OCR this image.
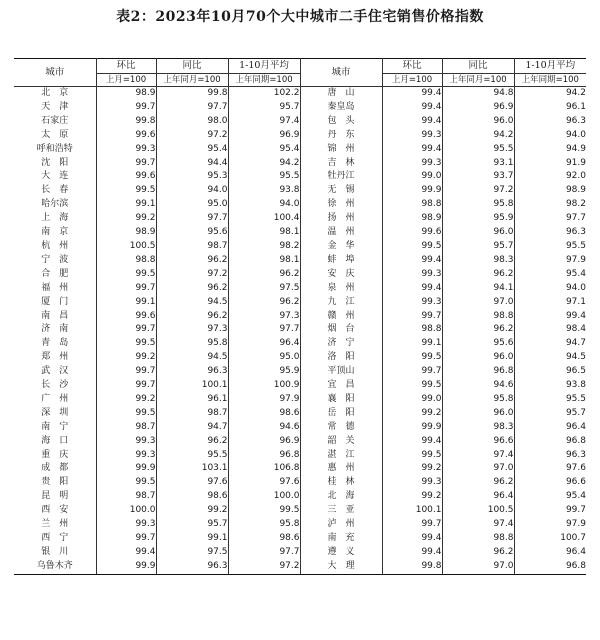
表2：2023年10月70个大中城市二手住宅销售价格指数
城市	环比	同比	1-10月平均	城市	环比	同比	1-10月平均
	上月=100	上年同月=100	上年同期=100		上月=100	上年同月=100	上年同期=100
北　京	98.9	99.8	102.2	唐　山	99.4	94.8	94.2
天　津	99.7	97.7	95.7	秦皇岛	99.4	96.9	96.1
石家庄	99.8	98.0	97.4	包　头	99.4	96.0	96.3
太　原	99.6	97.2	96.9	丹　东	99.3	94.2	94.0
呼和浩特	99.3	95.4	95.4	锦　州	99.4	95.5	94.9
沈　阳	99.7	94.4	94.2	吉　林	99.3	93.1	91.9
大　连	99.6	95.3	95.5	牡丹江	99.0	93.7	92.0
长　春	99.5	94.0	93.8	无　锡	99.9	97.2	98.9
哈尔滨	99.1	95.0	94.0	徐　州	98.8	95.8	98.2
上　海	99.2	97.7	100.4	扬　州	98.9	95.9	97.7
南　京	98.9	95.6	98.1	温　州	99.6	96.0	96.3
杭　州	100.5	98.7	98.2	金　华	99.5	95.7	95.5
宁　波	98.8	96.2	98.1	蚌　埠	99.4	98.3	97.9
合　肥	99.5	97.2	96.2	安　庆	99.3	96.2	95.4
福　州	99.7	96.2	97.5	泉　州	99.4	94.1	94.0
厦　门	99.1	94.5	96.2	九　江	99.3	97.0	97.1
南　昌	99.6	96.2	97.3	赣　州	99.7	98.8	99.4
济　南	99.7	97.3	97.7	烟　台	98.8	96.2	98.4
青　岛	99.5	95.8	96.4	济　宁	99.1	95.6	94.7
郑　州	99.2	94.5	95.0	洛　阳	99.5	96.0	94.5
武　汉	99.7	96.3	95.9	平顶山	99.7	96.8	96.5
长　沙	99.7	100.1	100.9	宜　昌	99.5	94.6	93.8
广　州	99.2	96.1	97.9	襄　阳	99.0	95.8	95.5
深　圳	99.5	98.7	98.6	岳　阳	99.2	96.0	95.7
南　宁	98.7	94.7	94.6	常　德	99.9	98.3	96.4
海　口	99.3	96.2	96.9	韶　关	99.4	96.6	96.8
重　庆	99.3	95.5	96.8	湛　江	99.5	97.4	96.3
成　都	99.9	103.1	106.8	惠　州	99.2	97.0	97.6
贵　阳	99.5	97.6	97.6	桂　林	99.3	96.2	96.6
昆　明	98.7	98.6	100.0	北　海	99.2	96.4	95.4
西　安	100.0	99.2	99.5	三　亚	100.1	100.5	99.7
兰　州	99.3	95.7	95.8	泸　州	99.7	97.4	97.9
西　宁	99.7	99.1	98.6	南　充	99.4	98.8	100.7
银　川	99.4	97.5	97.7	遵　义	99.4	96.2	96.4
乌鲁木齐	99.9	96.3	97.2	大　理	99.8	97.0	96.8
